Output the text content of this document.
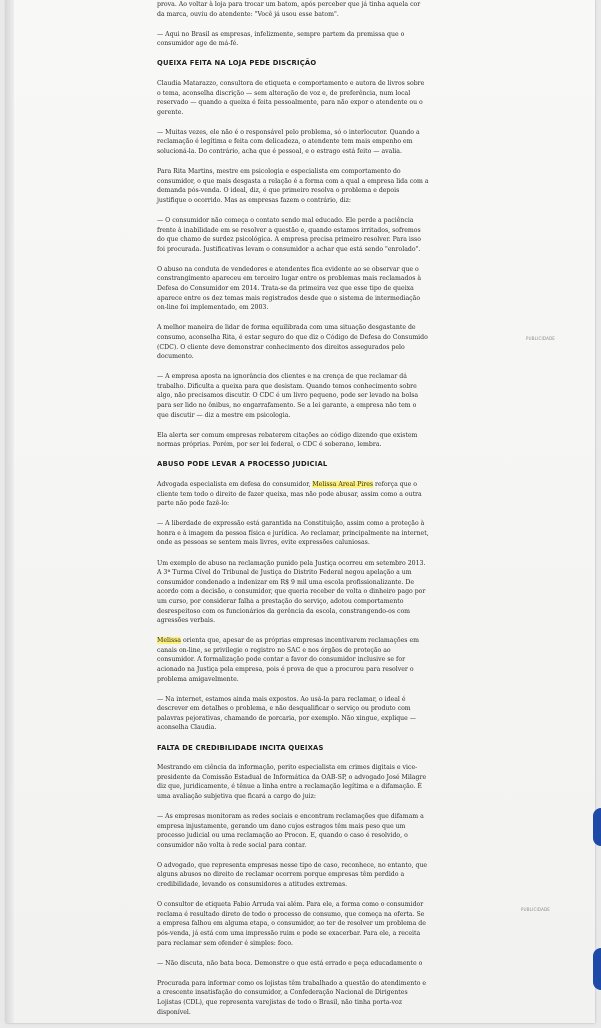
prova. Ao voltar à loja para trocar um batom, após perceber que já tinha aquela cor da marca, ouviu do atendente: "Você já usou esse batom".

— Aqui no Brasil as empresas, infelizmente, sempre partem da premissa que o consumidor age de má-fé.

QUEIXA FEITA NA LOJA PEDE DISCRIÇÃO

Claudia Matarazzo, consultora de etiqueta e comportamento e autora de livros sobre o tema, aconselha discrição — sem alteração de voz e, de preferência, num local reservado — quando a queixa é feita pessoalmente, para não expor o atendente ou o gerente.

— Muitas vezes, ele não é o responsável pelo problema, só o interlocutor. Quando a reclamação é legítima e feita com delicadeza, o atendente tem mais empenho em solucioná-la. Do contrário, acha que é pessoal, e o estrago está feito — avalia.

Para Rita Martins, mestre em psicologia e especialista em comportamento do consumidor, o que mais desgasta a relação é a forma com a qual a empresa lida com a demanda pós-venda. O ideal, diz, é que primeiro resolva o problema e depois justifique o ocorrido. Mas as empresas fazem o contrário, diz:

— O consumidor não começa o contato sendo mal educado. Ele perde a paciência frente à inabilidade em se resolver a questão e, quando estamos irritados, sofremos do que chamo de surdez psicológica. A empresa precisa primeiro resolver. Para isso foi procurada. Justificativas levam o consumidor a achar que está sendo "enrolado".

O abuso na conduta de vendedores e atendentes fica evidente ao se observar que o constrangimento apareceu em terceiro lugar entre os problemas mais reclamados à Defesa do Consumidor em 2014. Trata-se da primeira vez que esse tipo de queixa aparece entre os dez temas mais registrados desde que o sistema de intermediação on-line foi implementado, em 2003.

A melhor maneira de lidar de forma equilibrada com uma situação desgastante de consumo, aconselha Rita, é estar seguro do que diz o Código de Defesa do Consumido (CDC). O cliente deve demonstrar conhecimento dos direitos assegurados pelo documento.

— A empresa aposta na ignorância dos clientes e na crença de que reclamar dá trabalho. Dificulta a queixa para que desistam. Quando temos conhecimento sobre algo, não precisamos discutir. O CDC é um livro pequeno, pode ser levado na bolsa para ser lido no ônibus, no engarrafamento. Se a lei garante, a empresa não tem o que discutir — diz a mestre em psicologia.

Ela alerta ser comum empresas rebaterem citações ao código dizendo que existem normas próprias. Porém, por ser lei federal, o CDC é soberano, lembra.

ABUSO PODE LEVAR A PROCESSO JUDICIAL

Advogada especialista em defesa do consumidor, Melissa Areal Pires reforça que o cliente tem todo o direito de fazer queixa, mas não pode abusar, assim como a outra parte não pode fazê-lo:

— A liberdade de expressão está garantida na Constituição, assim como a proteção à honra e à imagem da pessoa física e jurídica. Ao reclamar, principalmente na internet, onde as pessoas se sentem mais livres, evite expressões caluniosas.

Um exemplo de abuso na reclamação punido pela Justiça ocorreu em setembro 2013. A 3ª Turma Cível do Tribunal de Justiça do Distrito Federal negou apelação a um consumidor condenado a indenizar em R$ 9 mil uma escola profissionalizante. De acordo com a decisão, o consumidor, que queria receber de volta o dinheiro pago por um curso, por considerar falha a prestação do serviço, adotou comportamento desrespeitoso com os funcionários da gerência da escola, constrangendo-os com agressões verbais.

Melissa orienta que, apesar de as próprias empresas incentivarem reclamações em canais on-line, se privilegie o registro no SAC e nos órgãos de proteção ao consumidor. A formalização pode contar a favor do consumidor inclusive se for acionado na Justiça pela empresa, pois é prova de que a procurou para resolver o problema amigavelmente.

— Na internet, estamos ainda mais expostos. Ao usá-la para reclamar, o ideal é descrever em detalhes o problema, e não desqualificar o serviço ou produto com palavras pejorativas, chamando de porcaria, por exemplo. Não xingue, explique — aconselha Claudia.

FALTA DE CREDIBILIDADE INCITA QUEIXAS

Mestrando em ciência da informação, perito especialista em crimes digitais e vice-presidente da Comissão Estadual de Informática da OAB-SP, o advogado José Milagre diz que, juridicamente, é tênue a linha entre a reclamação legítima e a difamação. É uma avaliação subjetiva que ficará a cargo do juiz:

— As empresas monitoram as redes sociais e encontram reclamações que difamam a empresa injustamente, gerando um dano cujos estragos têm mais peso que um processo judicial ou uma reclamação ao Procon. E, quando o caso é resolvido, o consumidor não volta à rede social para contar.

O advogado, que representa empresas nesse tipo de caso, reconhece, no entanto, que alguns abusos no direito de reclamar ocorrem porque empresas têm perdido a credibilidade, levando os consumidores a atitudes extremas.

O consultor de etiqueta Fabio Arruda vai além. Para ele, a forma como o consumidor reclama é resultado direto de todo o processo de consumo, que começa na oferta. Se a empresa falhou em alguma etapa, o consumidor, ao ter de resolver um problema de pós-venda, já está com uma impressão ruim e pode se exacerbar. Para ele, a receita para reclamar sem ofender é simples: foco.

— Não discuta, não bata boca. Demonstre o que está errado e peça educadamente o

Procurada para informar como os lojistas têm trabalhado a questão do atendimento e a crescente insatisfação do consumidor, a Confederação Nacional de Dirigentes Lojistas (CDL), que representa varejistas de todo o Brasil, não tinha porta-voz disponível.

PUBLICIDADE
PUBLICIDADE
